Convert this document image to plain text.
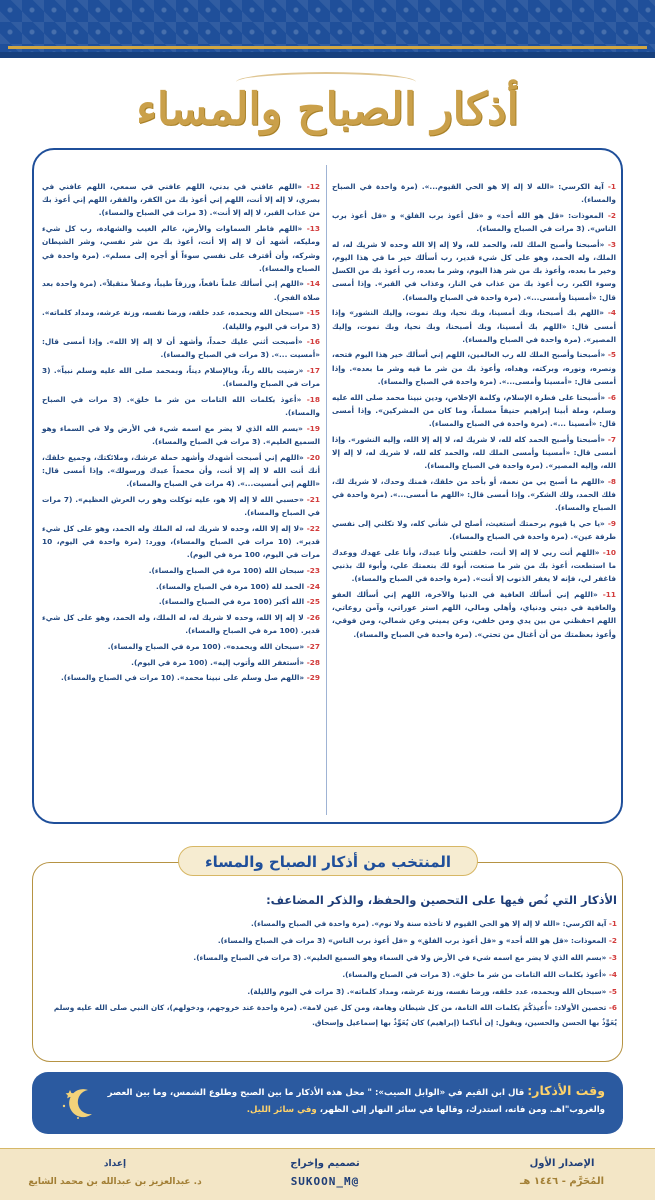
أذكار الصباح والمساء
1- آية الكرسي: «الله لا إله إلا هو الحي القيوم...». (مرة واحدة في الصباح والمساء).
2- المعوذات: «قل هو الله أحد» و «قل أعوذ برب الفلق» و «قل أعوذ برب الناس». (3 مرات في الصباح والمساء).
3- «أصبحنا وأصبح الملك لله، والحمد لله، ولا إله إلا الله وحده لا شريك له، له الملك، وله الحمد، وهو على كل شيء قدير، رب أسألك خير ما في هذا اليوم، وخير ما بعده، وأعوذ بك من شر هذا اليوم، وشر ما بعده، رب أعوذ بك من الكسل وسوء الكبر، رب أعوذ بك من عذاب في النار، وعذاب في القبر». وإذا أمسى قال: «أمسينا وأمسى...». (مرة واحدة في الصباح والمساء).
4- «اللهم بك أصبحنا، وبك أمسينا، وبك نحيا، وبك نموت، وإليك النشور» وإذا أمسى قال: «اللهم بك أمسينا، وبك أصبحنا، وبك نحيا، وبك نموت، وإليك المصير». (مرة واحدة في الصباح والمساء).
5- «أصبحنا وأصبح الملك لله رب العالمين، اللهم إني أسألك خير هذا اليوم فتحه، ونصره، ونوره، وبركته، وهداه، وأعوذ بك من شر ما فيه وشر ما بعده». وإذا أمسى قال: «أمسينا وأمسى...». (مرة واحدة في الصباح والمساء).
6- «أصبحنا على فطرة الإسلام، وكلمة الإخلاص، ودين نبينا محمد صلى الله عليه وسلم، وملة أبينا إبراهيم حنيفاً مسلماً، وما كان من المشركين». وإذا أمسى قال: «أمسينا ...». (مرة واحدة في الصباح والمساء).
7- «أصبحنا وأصبح الحمد كله لله، لا شريك له، لا إله إلا الله، وإليه النشور». وإذا أمسى قال: «أمسينا وأمسى الملك لله، والحمد كله لله، لا شريك له، لا إله إلا الله، وإليه المصير». (مرة واحدة في الصباح والمساء).
8- «اللهم ما أصبح بي من نعمة، أو بأحد من خلقك، فمنك وحدك، لا شريك لك، فلك الحمد، ولك الشكر». وإذا أمسى قال: «اللهم ما أمسى...». (مرة واحدة في الصباح والمساء).
9- «يا حي يا قيوم برحمتك أستغيث، أصلح لي شأني كله، ولا تكلني إلى نفسي طرفة عين». (مرة واحدة في الصباح والمساء).
10- «اللهم أنت ربي لا إله إلا أنت، خلقتني وأنا عبدك، وأنا على عهدك ووعدك ما استطعت، أعوذ بك من شر ما صنعت، أبوء لك بنعمتك علي، وأبوء لك بذنبي فاغفر لي، فإنه لا يغفر الذنوب إلا أنت». (مرة واحدة في الصباح والمساء).
11- «اللهم إني أسألك العافية في الدنيا والآخرة، اللهم إني أسألك العفو والعافية في ديني ودنياي، وأهلي ومالي، اللهم استر عوراتي، وآمن روعاتي، اللهم احفظني من بين يدي ومن خلفي، وعن يميني وعن شمالي، ومن فوقي، وأعوذ بعظمتك من أن أغتال من تحتي». (مرة واحدة في الصباح والمساء).
12- «اللهم عافني في بدني، اللهم عافني في سمعي، اللهم عافني في بصري، لا إله إلا أنت، اللهم إني أعوذ بك من الكفر، والفقر، اللهم إني أعوذ بك من عذاب القبر، لا إله إلا أنت». (3 مرات في الصباح والمساء).
13- «اللهم فاطر السماوات والأرض، عالم الغيب والشهادة، رب كل شيء ومليكه، أشهد أن لا إله إلا أنت، أعوذ بك من شر نفسي، وشر الشيطان وشركه، وأن أقترف على نفسي سوءاً أو أجره إلى مسلم». (مرة واحدة في الصباح والمساء).
14- «اللهم إني أسألك علماً نافعاً، ورزقاً طيباً، وعملاً متقبلاً». (مرة واحدة بعد صلاة الفجر).
15- «سبحان الله وبحمده، عدد خلقه، ورضا نفسه، وزنة عرشه، ومداد كلماته». (3 مرات في اليوم والليلة).
16- «أصبحت أثني عليك حمداً، وأشهد أن لا إله إلا الله». وإذا أمسى قال: «أمسيت ...». (3 مرات في الصباح والمساء).
17- «رضيت بالله رباً، وبالإسلام ديناً، وبمحمد صلى الله عليه وسلم نبياً». (3 مرات في الصباح والمساء).
18- «أعوذ بكلمات الله التامات من شر ما خلق». (3 مرات في الصباح والمساء).
19- «بسم الله الذي لا يضر مع اسمه شيء في الأرض ولا في السماء وهو السميع العليم». (3 مرات في الصباح والمساء).
20- «اللهم إني أصبحت أشهدك وأشهد حملة عرشك، وملائكتك، وجميع خلقك، أنك أنت الله لا إله إلا أنت، وأن محمداً عبدك ورسولك». وإذا أمسى قال: «اللهم إني أمسيت...». (4 مرات في الصباح والمساء).
21- «حسبي الله لا إله إلا هو، عليه توكلت وهو رب العرش العظيم». (7 مرات في الصباح والمساء).
22- «لا إله إلا الله، وحده لا شريك له، له الملك وله الحمد، وهو على كل شيء قدير». (10 مرات في الصباح والمساء)، وورد: (مرة واحدة في اليوم، 10 مرات في اليوم، 100 مرة في اليوم).
23- سبحان الله (100 مرة في الصباح والمساء).
24- الحمد لله (100 مرة في الصباح والمساء).
25- الله أكبر (100 مرة في الصباح والمساء).
26- لا إله إلا الله، وحده لا شريك له، له الملك، وله الحمد، وهو على كل شيء قدير. (100 مرة في الصباح والمساء).
27- «سبحان الله وبحمده». (100 مرة في الصباح والمساء).
28- «أستغفر الله وأتوب إليه». (100 مرة في اليوم).
29- «اللهم صل وسلم على نبينا محمد». (10 مرات في الصباح والمساء).
المنتخب من أذكار الصباح والمساء
الأذكار التي نُص فيها على التحصين والحفظ، والذكر المضاعف:
1- آية الكرسي: «الله لا إله إلا هو الحي القيوم لا تأخذه سنة ولا نوم». (مرة واحدة في الصباح والمساء).
2- المعوذات: «قل هو الله أحد» و «قل أعوذ برب الفلق» و «قل أعوذ برب الناس» (3 مرات في الصباح والمساء).
3- «بسم الله الذي لا يضر مع اسمه شيء في الأرض ولا في السماء وهو السميع العليم». (3 مرات في الصباح والمساء).
4- «أعوذ بكلمات الله التامات من شر ما خلق». (3 مرات في الصباح والمساء).
5- «سبحان الله وبحمده، عدد خلقه، ورضا نفسه، وزنة عرشه، ومداد كلماته». (3 مرات في اليوم والليلة).
6- تحصين الأولاد: «أُعيذكُمَ بكلمات الله التامة، من كل شيطان وهامة، ومن كل عين لامة». (مرة واحدة عند خروجهم، ودخولهم)، كان النبي صلى الله عليه وسلم يُعَوِّذُ بها الحسن والحسين، ويقول: إن أباكما (إبراهيم) كان يُعَوِّذُ بها إسماعيل وإسحاق.
وقت الأذكار: قال ابن القيم في «الوابل الصيب»: " محل هذه الأذكار ما بين الصبح وطلوع الشمس، وما بين العصر والغروب"اهـ. ومن فاته، استدرك، وقالها في سائر النهار إلى الظهر، وفي سائر الليل.
الإصدار الأول
المُحَرَّم - ١٤٤٦ هـ
تصميم وإخراج
@SUKOON_M
إعداد
د. عبدالعزيز بن عبدالله بن محمد الشايع
